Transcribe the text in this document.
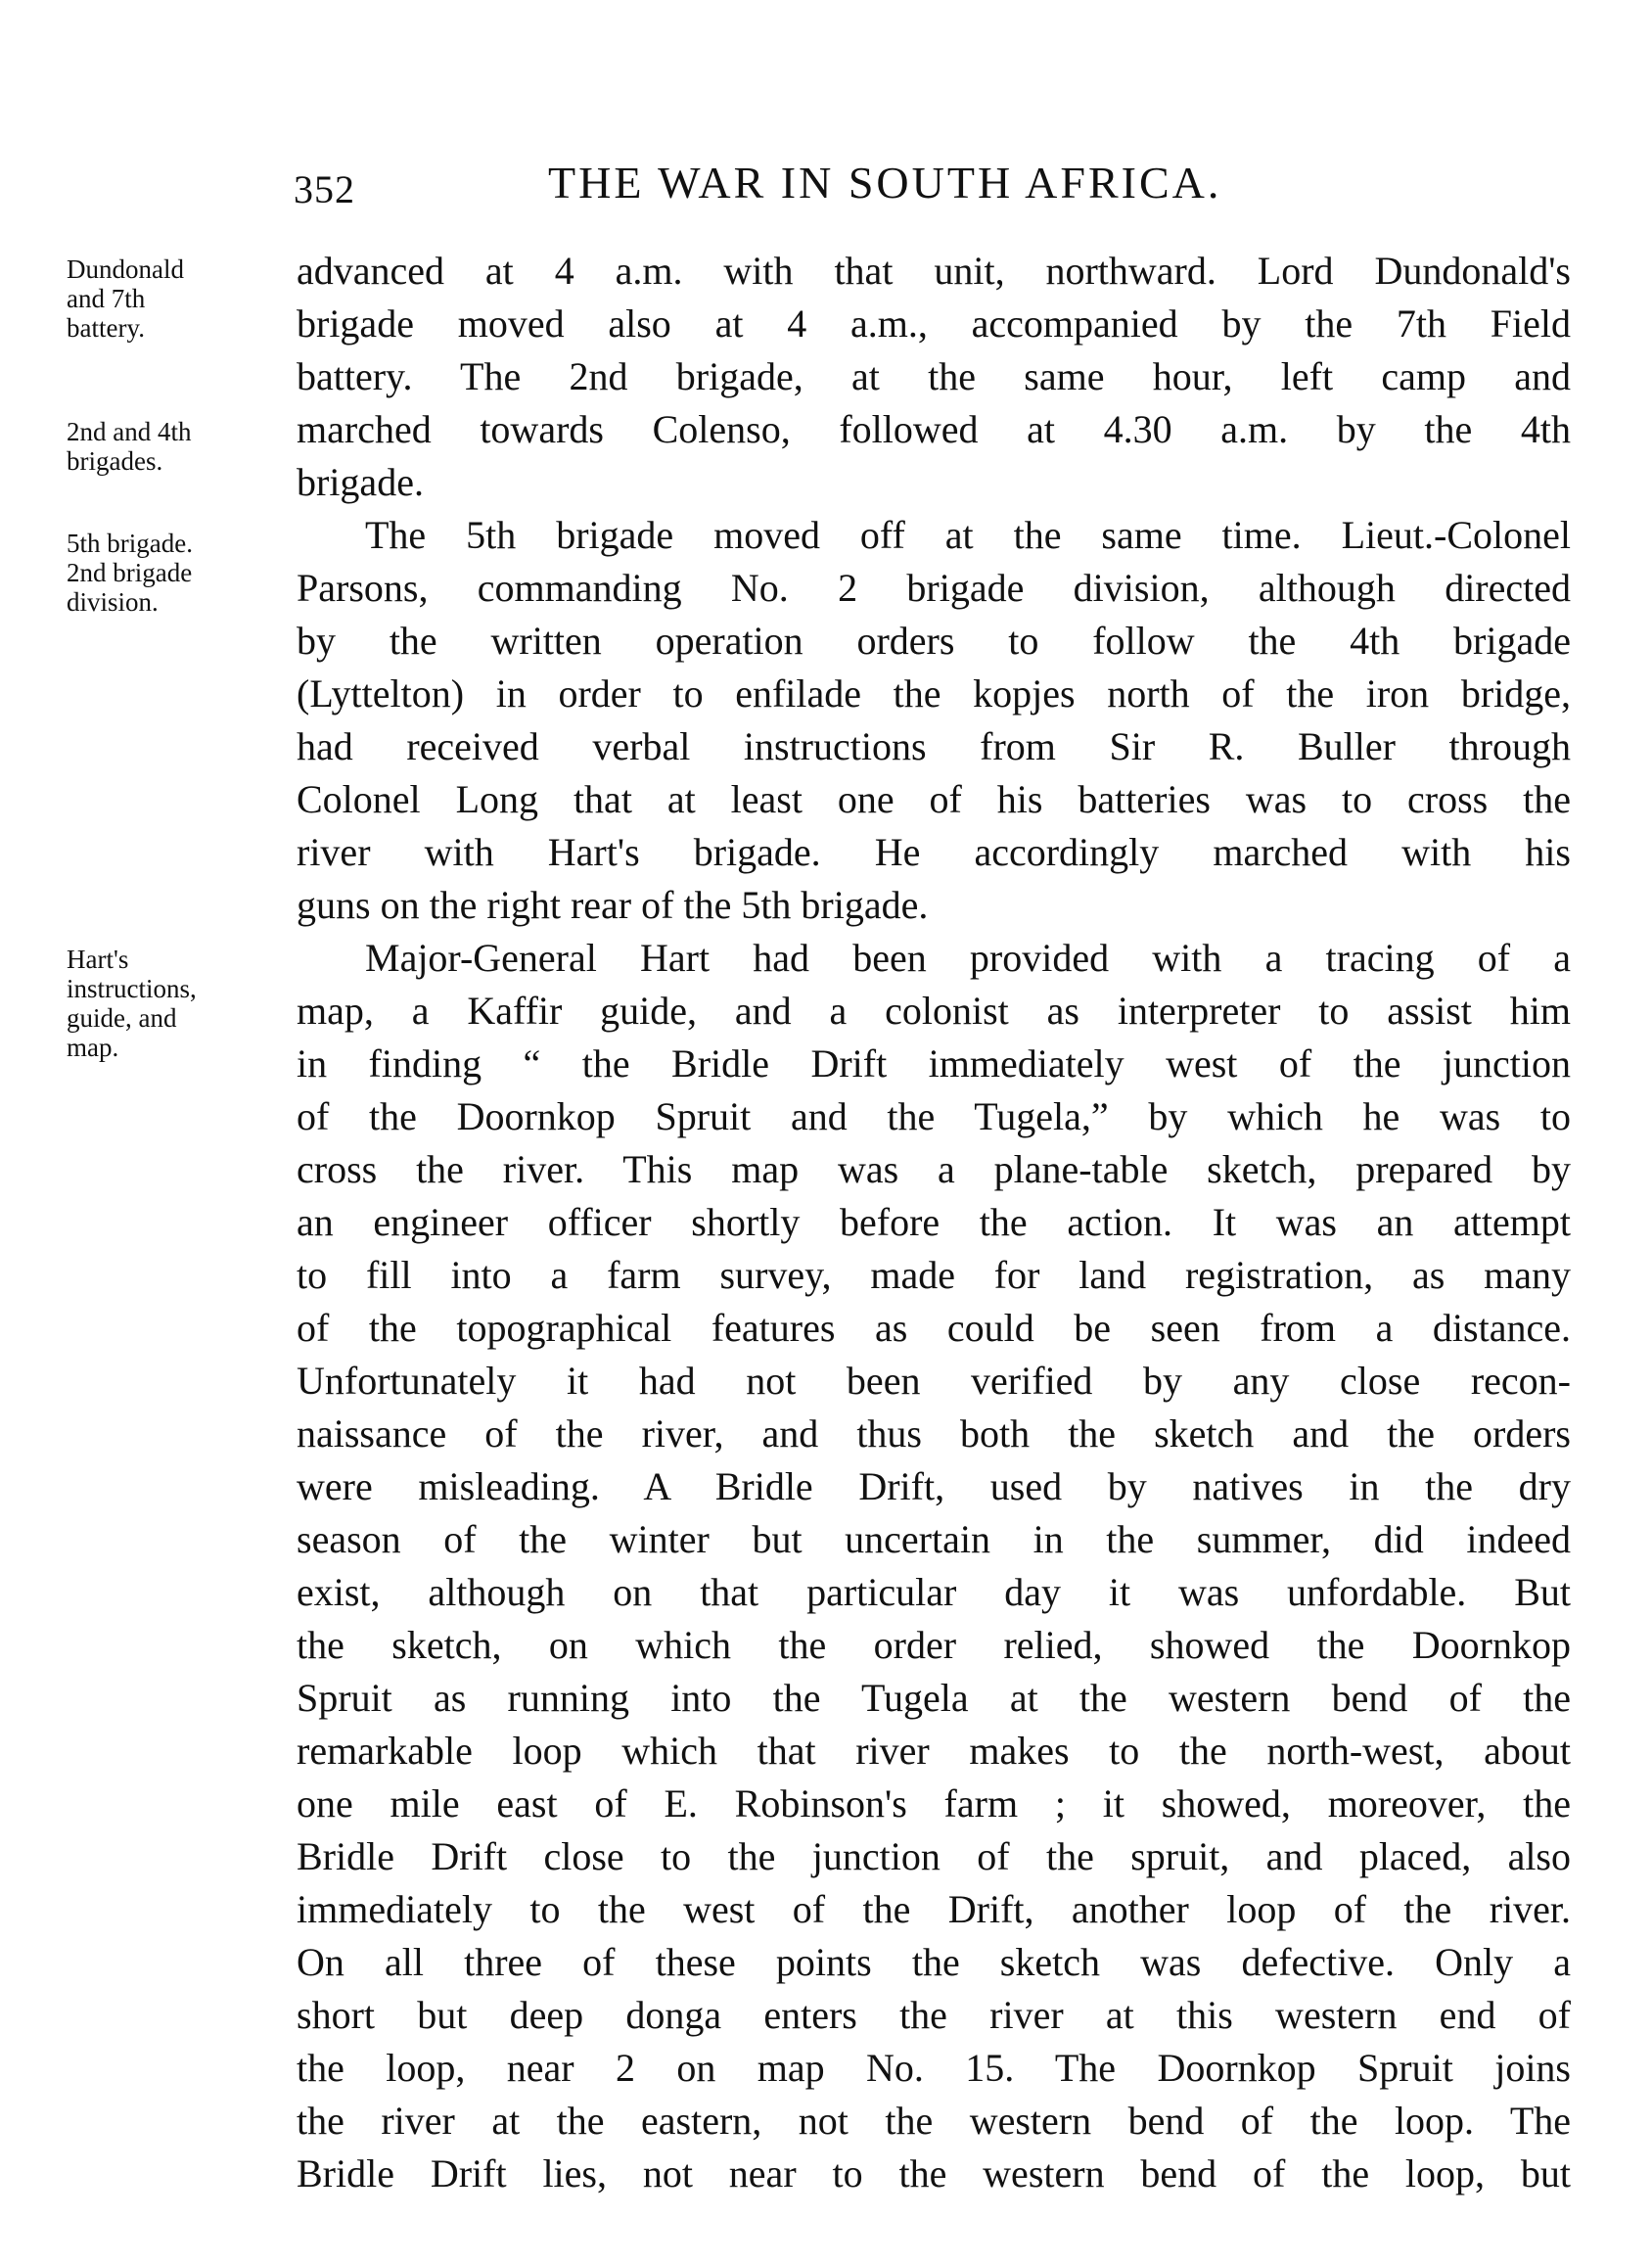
352	THE WAR IN SOUTH AFRICA.
Dundonald
and 7th
battery.
2nd and 4th
brigades.
5th brigade.
2nd brigade
division.
Hart's
instructions,
guide, and
map.
advanced at 4 a.m. with that unit, northward. Lord Dundonald's
brigade moved also at 4 a.m., accompanied by the 7th Field
battery. The 2nd brigade, at the same hour, left camp and
marched towards Colenso, followed at 4.30 a.m. by the 4th
brigade.
The 5th brigade moved off at the same time. Lieut.-Colonel
Parsons, commanding No. 2 brigade division, although directed
by the written operation orders to follow the 4th brigade
(Lyttelton) in order to enfilade the kopjes north of the iron bridge,
had received verbal instructions from Sir R. Buller through
Colonel Long that at least one of his batteries was to cross the
river with Hart's brigade. He accordingly marched with his
guns on the right rear of the 5th brigade.
Major-General Hart had been provided with a tracing of a
map, a Kaffir guide, and a colonist as interpreter to assist him
in finding “ the Bridle Drift immediately west of the junction
of the Doornkop Spruit and the Tugela,” by which he was to
cross the river. This map was a plane-table sketch, prepared by
an engineer officer shortly before the action. It was an attempt
to fill into a farm survey, made for land registration, as many
of the topographical features as could be seen from a distance.
Unfortunately it had not been verified by any close recon-
naissance of the river, and thus both the sketch and the orders
were misleading. A Bridle Drift, used by natives in the dry
season of the winter but uncertain in the summer, did indeed
exist, although on that particular day it was unfordable. But
the sketch, on which the order relied, showed the Doornkop
Spruit as running into the Tugela at the western bend of the
remarkable loop which that river makes to the north-west, about
one mile east of E. Robinson's farm ; it showed, moreover, the
Bridle Drift close to the junction of the spruit, and placed, also
immediately to the west of the Drift, another loop of the river.
On all three of these points the sketch was defective. Only a
short but deep donga enters the river at this western end of
the loop, near 2 on map No. 15. The Doornkop Spruit joins
the river at the eastern, not the western bend of the loop. The
Bridle Drift lies, not near to the western bend of the loop, but
